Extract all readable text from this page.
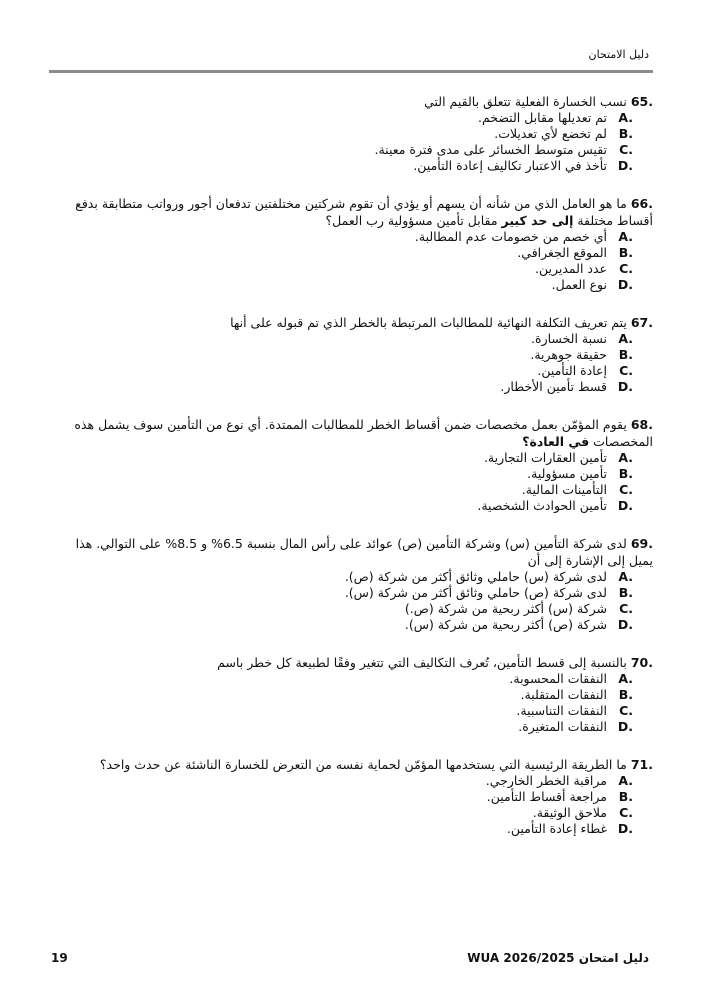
دليل الامتحان
65. نسب الخسارة الفعلية تتعلق بالقيم التي
A.
تم تعديلها مقابل التضخم.
B.
لم تخضع لأي تعديلات.
C.
تقيس متوسط الخسائر على مدى فترة معينة.
D.
تأخذ في الاعتبار تكاليف إعادة التأمين.
66. ما هو العامل الذي من شأنه أن يسهم أو يؤدي أن تقوم شركتين مختلفتين تدفعان أجور ورواتب متطابقة بدفع أقساط مختلفة إلى حد كبير مقابل تأمين مسؤولية رب العمل؟
A.
أي خصم من خصومات عدم المطالبة.
B.
الموقع الجغرافي.
C.
عدد المديرين.
D.
نوع العمل.
67. يتم تعريف التكلفة النهائية للمطالبات المرتبطة بالخطر الذي تم قبوله على أنها
A.
نسبة الخسارة.
B.
حقيقة جوهرية.
C.
إعادة التأمين.
D.
قسط تأمين الأخطار.
68. يقوم المؤمّن بعمل مخصصات ضمن أقساط الخطر للمطالبات الممتدة. أي نوع من التأمين سوف يشمل هذه المخصصات في العادة؟
A.
تأمين العقارات التجارية.
B.
تأمين مسؤولية.
C.
التأمينات المالية.
D.
تأمين الحوادث الشخصية.
69. لدى شركة التأمين (س) وشركة التأمين (ص) عوائد على رأس المال بنسبة 6.5% و 8.5% على التوالي. هذا يميل إلى الإشارة إلى أن
A.
لدى شركة (س) حاملي وثائق أكثر من شركة (ص).
B.
لدى شركة (ص) حاملي وثائق أكثر من شركة (س).
C.
شركة (س) أكثر ربحية من شركة (ص.)
D.
شركة (ص) أكثر ربحية من شركة (س).
70. بالنسبة إلى قسط التأمين، تُعرف التكاليف التي تتغير وفقًا لطبيعة كل خطر باسم
A.
النفقات المحسوبة.
B.
النفقات المتقلبة.
C.
النفقات التناسبية.
D.
النفقات المتغيرة.
71. ما الطريقة الرئيسية التي يستخدمها المؤمّن لحماية نفسه من التعرض للخسارة الناشئة عن حدث واحد؟
A.
مراقبة الخطر الخارجي.
B.
مراجعة أقساط التأمين.
C.
ملاحق الوثيقة.
D.
غطاء إعادة التأمين.
19	دليل امتحان WUA 2026/2025
